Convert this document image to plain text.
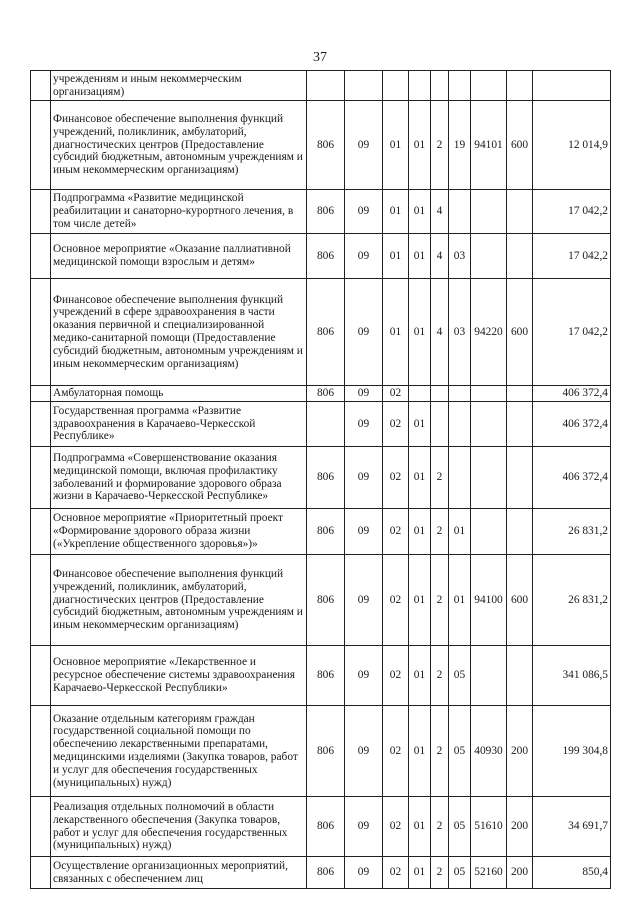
37
	учреждениям и иным некоммерческим организациям)									
	Финансовое обеспечение выполнения функций учреждений, поликлиник, амбулаторий, диагностических центров (Предоставление субсидий бюджетным, автономным учреждениям и иным некоммерческим организациям)	806	09	01	01	2	19	94101	600	12 014,9
	Подпрограмма «Развитие медицинской реабилитации и санаторно-курортного лечения, в том числе детей»	806	09	01	01	4				17 042,2
	Основное мероприятие «Оказание паллиативной медицинской помощи взрослым и детям»	806	09	01	01	4	03			17 042,2
	Финансовое обеспечение выполнения функций учреждений в сфере здравоохранения в части оказания первичной и специализированной медико-санитарной помощи (Предоставление субсидий бюджетным, автономным учреждениям и иным некоммерческим организациям)	806	09	01	01	4	03	94220	600	17 042,2
	Амбулаторная помощь	806	09	02						406 372,4
	Государственная программа «Развитие здравоохранения в Карачаево-Черкесской Республике»		09	02	01					406 372,4
	Подпрограмма «Совершенствование оказания медицинской помощи, включая профилактику заболеваний и формирование здорового образа жизни в Карачаево-Черкесской Республике»	806	09	02	01	2				406 372,4
	Основное мероприятие «Приоритетный проект «Формирование здорового образа жизни («Укрепление общественного здоровья»)»	806	09	02	01	2	01			26 831,2
	Финансовое обеспечение выполнения функций учреждений, поликлиник, амбулаторий, диагностических центров (Предоставление субсидий бюджетным, автономным учреждениям и иным некоммерческим организациям)	806	09	02	01	2	01	94100	600	26 831,2
	Основное мероприятие «Лекарственное и ресурсное обеспечение системы здравоохранения Карачаево-Черкесской Республики»	806	09	02	01	2	05			341 086,5
	Оказание отдельным категориям граждан государственной социальной помощи по обеспечению лекарственными препаратами, медицинскими изделиями (Закупка товаров, работ и услуг для обеспечения государственных (муниципальных) нужд)	806	09	02	01	2	05	40930	200	199 304,8
	Реализация отдельных полномочий в области лекарственного обеспечения (Закупка товаров, работ и услуг для обеспечения государственных (муниципальных) нужд)	806	09	02	01	2	05	51610	200	34 691,7
	Осуществление организационных мероприятий, связанных с обеспечением лиц	806	09	02	01	2	05	52160	200	850,4
